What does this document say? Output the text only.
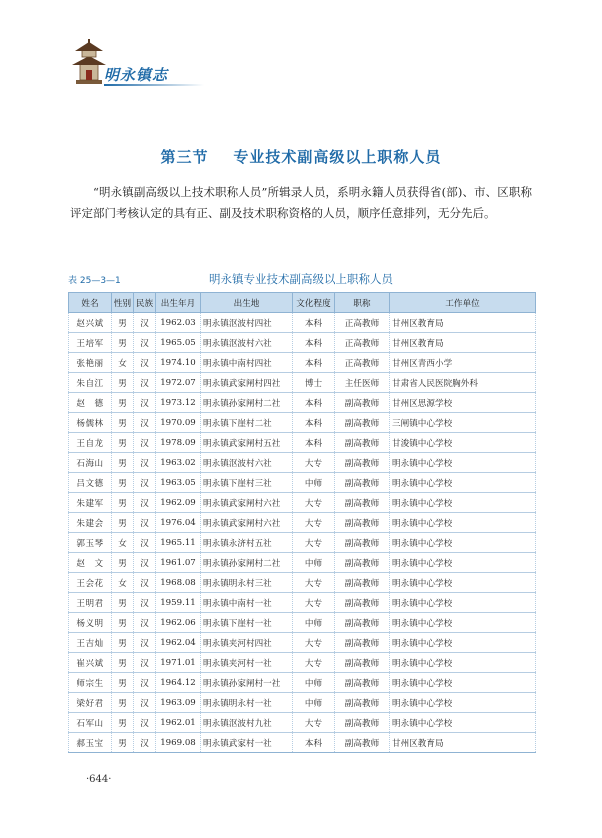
明永镇志
第三节    专业技术副高级以上职称人员
“明永镇副高级以上技术职称人员”所辑录人员，系明永籍人员获得省(部)、市、区职称评定部门考核认定的具有正、副及技术职称资格的人员，顺序任意排列，无分先后。
表 25—3—1	明永镇专业技术副高级以上职称人员
姓名	性别	民族	出生年月	出生地	文化程度	职称	工作单位
赵兴斌	男	汉	1962.03	明永镇沤波村四社	本科	正高教师	甘州区教育局
王培军	男	汉	1965.05	明永镇沤波村六社	本科	正高教师	甘州区教育局
张艳丽	女	汉	1974.10	明永镇中南村四社	本科	正高教师	甘州区青西小学
朱自江	男	汉	1972.07	明永镇武家闸村四社	博士	主任医师	甘肃省人民医院胸外科
赵　德	男	汉	1973.12	明永镇孙家闸村二社	本科	副高教师	甘州区思源学校
杨儒林	男	汉	1970.09	明永镇下崖村二社	本科	副高教师	三闸镇中心学校
王自龙	男	汉	1978.09	明永镇武家闸村五社	本科	副高教师	甘浚镇中心学校
石海山	男	汉	1963.02	明永镇沤波村六社	大专	副高教师	明永镇中心学校
吕文德	男	汉	1963.05	明永镇下崖村三社	中师	副高教师	明永镇中心学校
朱建军	男	汉	1962.09	明永镇武家闸村六社	大专	副高教师	明永镇中心学校
朱建会	男	汉	1976.04	明永镇武家闸村六社	大专	副高教师	明永镇中心学校
郭玉琴	女	汉	1965.11	明永镇永济村五社	大专	副高教师	明永镇中心学校
赵　文	男	汉	1961.07	明永镇孙家闸村二社	中师	副高教师	明永镇中心学校
王会花	女	汉	1968.08	明永镇明永村三社	大专	副高教师	明永镇中心学校
王明君	男	汉	1959.11	明永镇中南村一社	大专	副高教师	明永镇中心学校
杨义明	男	汉	1962.06	明永镇下崖村一社	中师	副高教师	明永镇中心学校
王吉灿	男	汉	1962.04	明永镇夹河村四社	大专	副高教师	明永镇中心学校
崔兴斌	男	汉	1971.01	明永镇夹河村一社	大专	副高教师	明永镇中心学校
师宗生	男	汉	1964.12	明永镇孙家闸村一社	中师	副高教师	明永镇中心学校
梁好君	男	汉	1963.09	明永镇明永村一社	中师	副高教师	明永镇中心学校
石军山	男	汉	1962.01	明永镇沤波村九社	大专	副高教师	明永镇中心学校
郝玉宝	男	汉	1969.08	明永镇武家村一社	本科	副高教师	甘州区教育局
·644·
